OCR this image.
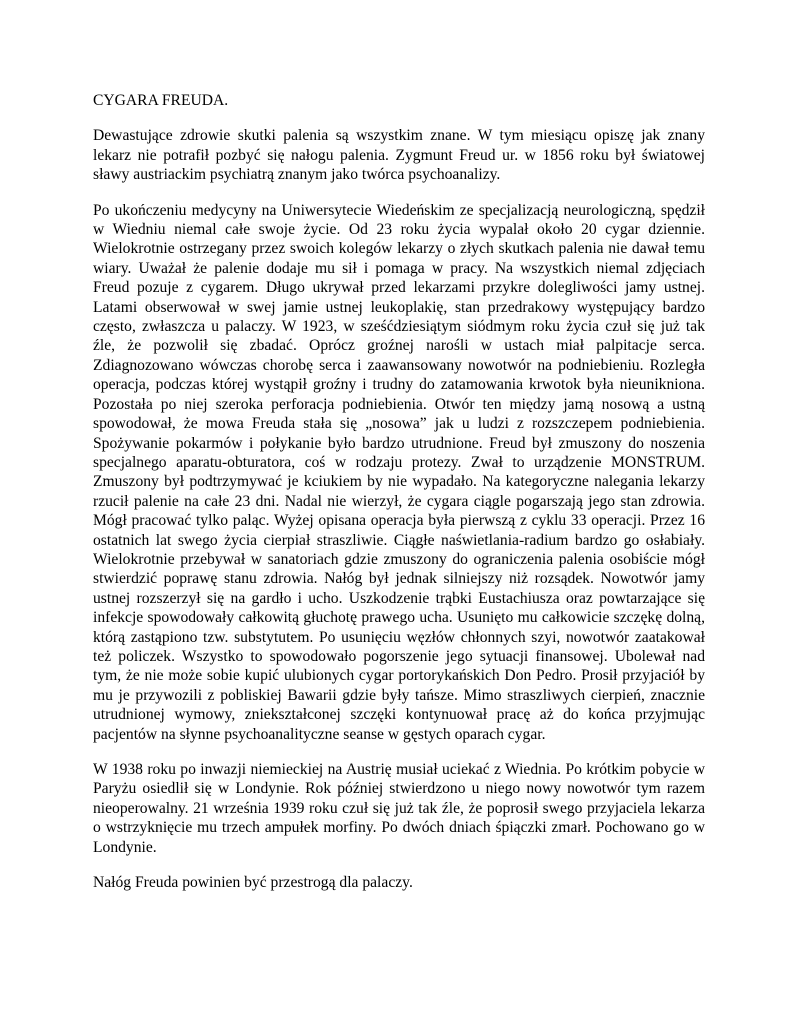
CYGARA FREUDA.

Dewastujące zdrowie skutki palenia są wszystkim znane. W tym miesiącu opiszę jak znany
lekarz nie potrafił pozbyć się nałogu palenia. Zygmunt Freud ur. w 1856 roku był światowej
sławy austriackim psychiatrą znanym jako twórca psychoanalizy.

Po ukończeniu medycyny na Uniwersytecie Wiedeńskim ze specjalizacją neurologiczną, spędził
w Wiedniu niemal całe swoje życie. Od 23 roku życia wypalał około 20 cygar dziennie.
Wielokrotnie ostrzegany przez swoich kolegów lekarzy o złych skutkach palenia nie dawał temu
wiary. Uważał że palenie dodaje mu sił i pomaga w pracy. Na wszystkich niemal zdjęciach
Freud pozuje z cygarem. Długo ukrywał przed lekarzami przykre dolegliwości jamy ustnej.
Latami obserwował w swej jamie ustnej leukoplakię, stan przedrakowy występujący bardzo
często, zwłaszcza u palaczy. W 1923, w sześćdziesiątym siódmym roku życia czuł się już tak
źle, że pozwolił się zbadać. Oprócz groźnej narośli w ustach miał palpitacje serca.
Zdiagnozowano wówczas chorobę serca i zaawansowany nowotwór na podniebieniu. Rozległa
operacja, podczas której wystąpił groźny i trudny do zatamowania krwotok była nieunikniona.
Pozostała po niej szeroka perforacja podniebienia. Otwór ten między jamą nosową a ustną
spowodował, że mowa Freuda stała się „nosowa” jak u ludzi z rozszczepem podniebienia.
Spożywanie pokarmów i połykanie było bardzo utrudnione. Freud był zmuszony do noszenia
specjalnego aparatu-obturatora, coś w rodzaju protezy. Zwał to urządzenie MONSTRUM.
Zmuszony był podtrzymywać je kciukiem by nie wypadało. Na kategoryczne nalegania lekarzy
rzucił palenie na całe 23 dni. Nadal nie wierzył, że cygara ciągle pogarszają jego stan zdrowia.
Mógł pracować tylko paląc. Wyżej opisana operacja była pierwszą z cyklu 33 operacji. Przez 16
ostatnich lat swego życia cierpiał straszliwie. Ciągłe naświetlania-radium bardzo go osłabiały.
Wielokrotnie przebywał w sanatoriach gdzie zmuszony do ograniczenia palenia osobiście mógł
stwierdzić poprawę stanu zdrowia. Nałóg był jednak silniejszy niż rozsądek. Nowotwór jamy
ustnej rozszerzył się na gardło i ucho. Uszkodzenie trąbki Eustachiusza oraz powtarzające się
infekcje spowodowały całkowitą głuchotę prawego ucha. Usunięto mu całkowicie szczękę dolną,
którą zastąpiono tzw. substytutem. Po usunięciu węzłów chłonnych szyi, nowotwór zaatakował
też policzek. Wszystko to spowodowało pogorszenie jego sytuacji finansowej. Ubolewał nad
tym, że nie może sobie kupić ulubionych cygar portorykańskich Don Pedro. Prosił przyjaciół by
mu je przywozili z pobliskiej Bawarii gdzie były tańsze. Mimo straszliwych cierpień, znacznie
utrudnionej wymowy, zniekształconej szczęki kontynuował pracę aż do końca przyjmując
pacjentów na słynne psychoanalityczne seanse w gęstych oparach cygar.

W 1938 roku po inwazji niemieckiej na Austrię musiał uciekać z Wiednia. Po krótkim pobycie w
Paryżu osiedlił się w Londynie. Rok później stwierdzono u niego nowy nowotwór tym razem
nieoperowalny. 21 września 1939 roku czuł się już tak źle, że poprosił swego przyjaciela lekarza
o wstrzyknięcie mu trzech ampułek morfiny. Po dwóch dniach śpiączki zmarł. Pochowano go w
Londynie.

Nałóg Freuda powinien być przestrogą dla palaczy.
